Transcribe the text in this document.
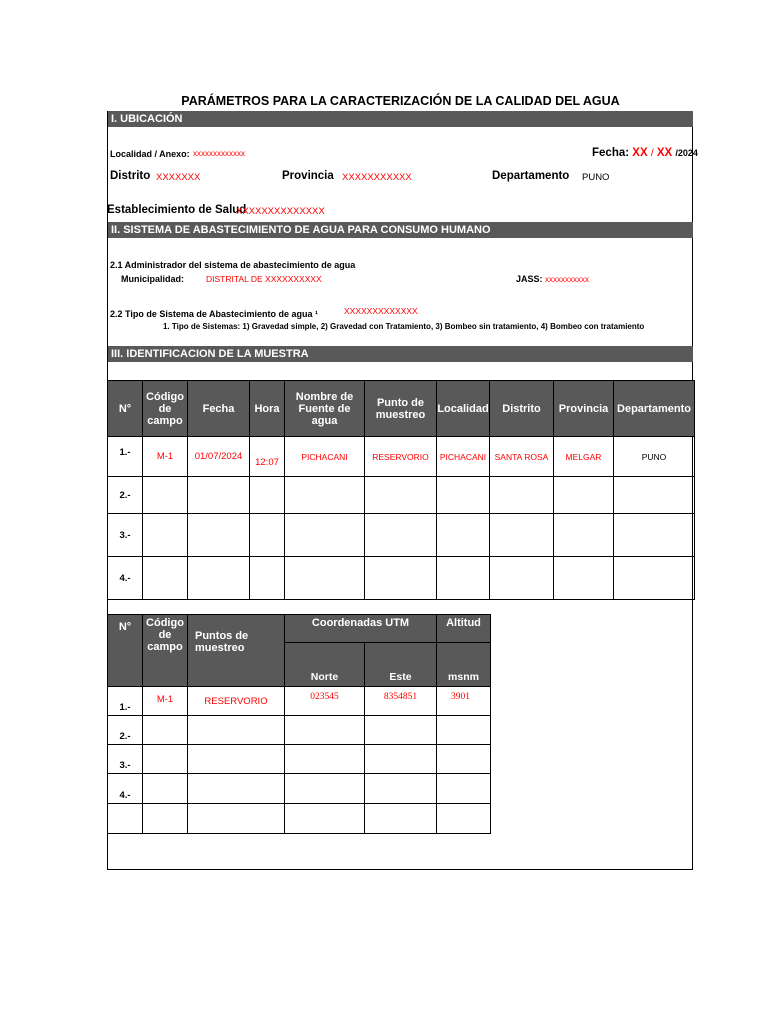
PARÁMETROS PARA LA CARACTERIZACIÓN DE LA CALIDAD DEL AGUA
I. UBICACIÓN
Localidad / Anexo: xxxxxxxxxxxxx	Fecha: XX / XX /2024
Distrito XXXXXXX	Provincia XXXXXXXXXXX	Departamento PUNO
Establecimiento de Salud
XXXXXXXXXXXXXX
II. SISTEMA DE ABASTECIMIENTO DE AGUA PARA CONSUMO HUMANO
2.1 Administrador del sistema de abastecimiento de agua
Municipalidad:	DISTRITAL DE XXXXXXXXXX	JASS: xxxxxxxxxxx
2.2 Tipo de Sistema de Abastecimiento de agua ¹	XXXXXXXXXXXXX
1. Tipo de Sistemas: 1) Gravedad simple, 2) Gravedad con Tratamiento, 3) Bombeo sin tratamiento, 4) Bombeo con tratamiento
III. IDENTIFICACION DE LA MUESTRA
N°	Código de campo	Fecha	Hora	Nombre de Fuente de agua	Punto de muestreo	Localidad	Distrito	Provincia	Departamento
1.-	M-1	01/07/2024	12:07	PICHACANI	RESERVORIO	PICHACANI	SANTA ROSA	MELGAR	PUNO
2.-									
3.-									
4.-									
N°	Código de campo	Puntos de muestreo	Coordenadas UTM		Altitud
			Norte	Este	msnm
1.-	M-1	RESERVORIO	023545	8354851	3901
2.-					
3.-					
4.-					
